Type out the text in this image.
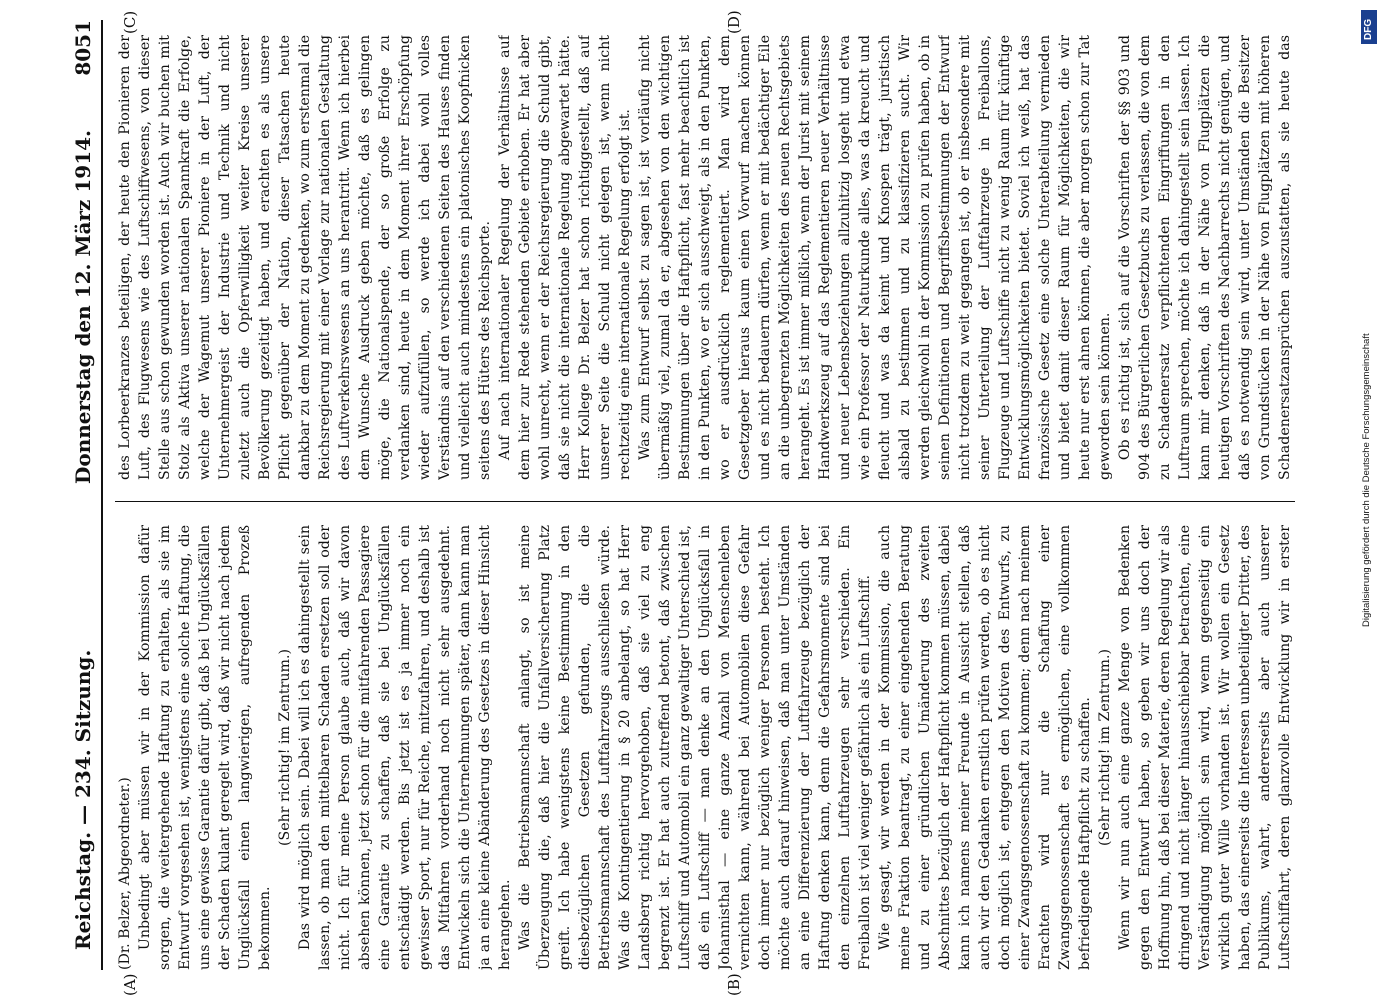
DFG
Digitalisierung gefördert durch die Deutsche Forschungsgemeinschaft
Reichstag. — 234. Sitzung.
Donnerstag den 12. März 1914.
8051
(A)	(B)
(C)	(D)

(Dr. Belzer, Abgeordneter.) Unbedingt aber müssen wir in der Kommission dafür sorgen, die weitergehende Haftung zu erhalten, als sie im Entwurf vorgesehen ist, wenigstens eine solche Haftung, die uns eine gewisse Garantie dafür gibt, daß bei Unglücksfällen der Schaden kulant geregelt wird, daß wir nicht nach jedem Unglücksfall einen langwierigen, aufregenden Prozeß bekommen.

(Sehr richtig! im Zentrum.) Das wird möglich sein. Dabei will ich es dahingestellt sein lassen, ob man den mittelbaren Schaden ersetzen soll oder nicht. Ich für meine Person glaube auch, daß wir davon absehen können, jetzt schon für die mitfahrenden Passagiere eine Garantie zu schaffen, daß sie bei Unglücksfällen entschädigt werden. Bis jetzt ist es ja immer noch ein gewisser Sport, nur für Reiche, mitzufahren, und deshalb ist das Mitfahren vorderhand noch nicht sehr ausgedehnt. Entwickeln sich die Unternehmungen später, dann kann man ja an eine kleine Abänderung des Gesetzes in dieser Hinsicht herangehen. Was die Betriebsmannschaft anlangt, so ist meine Überzeugung die, daß hier die Unfallversicherung Platz greift. Ich habe wenigstens keine Bestimmung in den diesbezüglichen Gesetzen gefunden, die die Betriebsmannschaft des Luftfahrzeugs ausschließen würde. Was die Kontingentierung in § 20 anbelangt, so hat Herr Landsberg richtig hervorgehoben, daß sie viel zu eng begrenzt ist. Er hat auch zutreffend betont, daß zwischen Luftschiff und Automobil ein ganz gewaltiger Unterschied ist, daß ein Luftschiff — man denke an den Unglücksfall in Johannisthal — eine ganze Anzahl von Menschenleben vernichten kann, während bei Automobilen diese Gefahr doch immer nur bezüglich weniger Personen besteht. Ich möchte auch darauf hinweisen, daß man unter Umständen an eine Differenzierung der Luftfahrzeuge bezüglich der Haftung denken kann, denn die Gefahrsmomente sind bei den einzelnen Luftfahrzeugen sehr verschieden. Ein Freiballon ist viel weniger gefährlich als ein Luftschiff. Wie gesagt, wir werden in der Kommission, die auch meine Fraktion beantragt, zu einer eingehenden Beratung und zu einer gründlichen Umänderung des zweiten Abschnittes bezüglich der Haftpflicht kommen müssen, dabei kann ich namens meiner Freunde in Aussicht stellen, daß auch wir den Gedanken ernstlich prüfen werden, ob es nicht doch möglich ist, entgegen den Motiven des Entwurfs, zu einer Zwangsgenossenschaft zu kommen; denn nach meinem Erachten wird nur die Schaffung einer Zwangsgenossenschaft es ermöglichen, eine vollkommen befriedigende Haftpflicht zu schaffen. (Sehr richtig! im Zentrum.)

Wenn wir nun auch eine ganze Menge von Bedenken gegen den Entwurf haben, so geben wir uns doch der Hoffnung hin, daß bei dieser Materie, deren Regelung wir als dringend und nicht länger hinausschiebbar betrachten, eine Verständigung möglich sein wird, wenn gegenseitig ein wirklich guter Wille vorhanden ist. Wir wollen ein Gesetz haben, das einerseits die Interessen unbeteiligter Dritter, des Publikums, wahrt, andererseits aber auch unserer Luftschiffahrt, deren glanzvolle Entwicklung wir in erster

des Lorbeerkranzes beteiligen, der heute den Pionieren der Luft, des Flugwesens wie des Luftschiffwesens, von dieser Stelle aus schon gewunden worden ist. Auch wir buchen mit Stolz als Aktiva unserer nationalen Spannkraft die Erfolge, welche der Wagemut unserer Pioniere in der Luft, der Unternehmergeist der Industrie und Technik und nicht zuletzt auch die Opferwilligkeit weiter Kreise unserer Bevölkerung gezeitigt haben, und erachten es als unsere Pflicht gegenüber der Nation, dieser Tatsachen heute dankbar zu dem Moment zu gedenken, wo zum erstenmal die Reichsregierung mit einer Vorlage zur nationalen Gestaltung des Luftverkehrswesens an uns herantritt. Wenn ich hierbei dem Wunsche Ausdruck geben möchte, daß es gelingen möge, die Nationalspende, der so große Erfolge zu verdanken sind, heute in dem Moment ihrer Erschöpfung wieder aufzufüllen, so werde ich dabei wohl volles Verständnis auf den verschiedenen Seiten des Hauses finden und vielleicht auch mindestens ein platonisches Koopfnicken seitens des Hüters des Reichsporte. Auf nach internationaler Regelung der Verhältnisse auf dem hier zur Rede stehenden Gebiete erhoben. Er hat aber wohl unrecht, wenn er der Reichsregierung die Schuld gibt, daß sie nicht die internationale Regelung abgewartet hätte. Herr Kollege Dr. Belzer hat schon richtiggestellt, daß auf unserer Seite die Schuld nicht gelegen ist, wenn nicht rechtzeitig eine internationale Regelung erfolgt ist. Was zum Entwurf selbst zu sagen ist, ist vorläufig nicht übermäßig viel, zumal da er, abgesehen von den wichtigen Bestimmungen über die Haftpflicht, fast mehr beachtlich ist in den Punkten, wo er sich ausschweigt, als in den Punkten, wo er ausdrücklich reglementiert. Man wird dem Gesetzgeber hieraus kaum einen Vorwurf machen können und es nicht bedauern dürfen, wenn er mit bedächtiger Eile an die unbegrenzten Möglichkeiten des neuen Rechtsgebiets herangeht. Es ist immer mißlich, wenn der Jurist mit seinem Handwerkszeug auf das Reglementieren neuer Verhältnisse und neuer Lebensbeziehungen allzuhitzig losgeht und etwa wie ein Professor der Naturkunde alles, was da kreucht und fleucht und was da keimt und Knospen trägt, juristisch alsbald zu bestimmen und zu klassifizieren sucht. Wir werden gleichwohl in der Kommission zu prüfen haben, ob in seinen Definitionen und Begriffsbestimmungen der Entwurf nicht trotzdem zu weit gegangen ist, ob er insbesondere mit seiner Unterteilung der Luftfahrzeuge in Freiballons, Flugzeuge und Luftschiffe nicht zu wenig Raum für künftige Entwicklungsmöglichkeiten bietet. Soviel ich weiß, hat das französische Gesetz eine solche Unterabteilung vermieden und bietet damit dieser Raum für Möglichkeiten, die wir heute nur erst ahnen können, die aber morgen schon zur Tat geworden sein können. Ob es richtig ist, sich auf die Vorschriften der §§ 903 und 904 des Bürgerlichen Gesetzbuchs zu verlassen, die von dem zu Schadenersatz verpflichtenden Eingriffungen in den Luftraum sprechen, möchte ich dahingestellt sein lassen. Ich kann mir denken, daß in der Nähe von Flugplätzen die heutigen Vorschriften des Nachbarrechts nicht genügen, und daß es notwendig sein wird, unter Umständen die Besitzer von Grundstücken in der Nähe von Flugplätzen mit höheren Schadenersatzansprüchen auszustatten, als sie heute das
